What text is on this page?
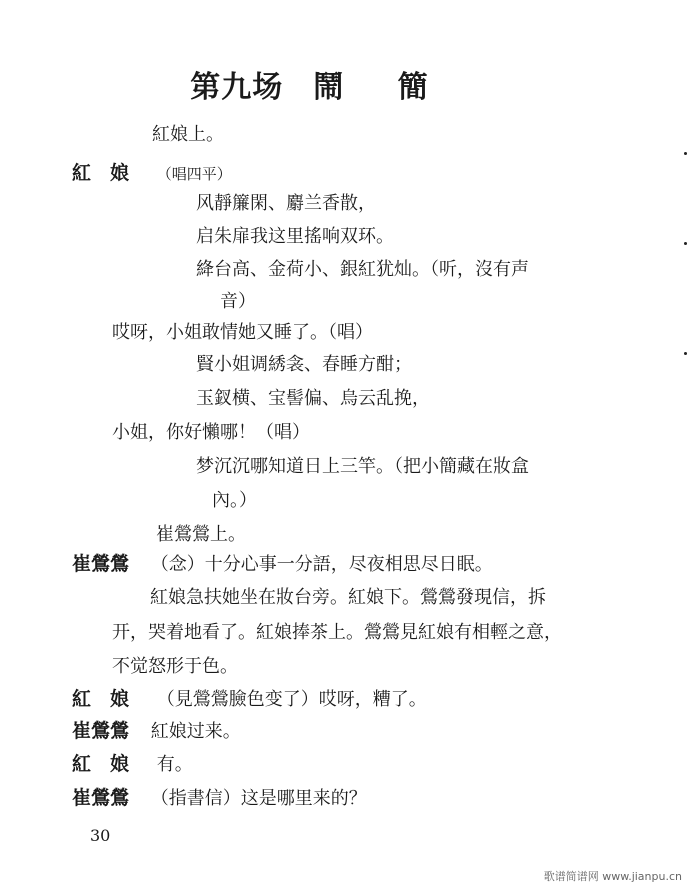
第九场 鬧 簡
紅娘上。
紅　娘 （唱四平）
风靜簾閑、麝兰香散，
启朱扉我这里搖响双环。
絳台高、金荷小、銀紅犹灿。（听，沒有声
音）
哎呀，小姐敢情她又睡了。（唱）
賢小姐调綉衾、春睡方酣；
玉釵横、宝髻偏、烏云乱挽，
小姐，你好懶哪！（唱）
梦沉沉哪知道日上三竿。（把小簡藏在妝盒
內。）
崔鶯鶯上。
崔鶯鶯 （念）十分心事一分語，尽夜相思尽日眠。
紅娘急扶她坐在妝台旁。紅娘下。鶯鶯發現信，拆
开，哭着地看了。紅娘捧茶上。鶯鶯見紅娘有相輕之意，
不觉怒形于色。
紅　娘 （見鶯鶯臉色变了）哎呀，糟了。
崔鶯鶯 紅娘过来。
紅　娘 有。
崔鶯鶯 （指書信）这是哪里来的？
30
歌谱简谱网 www.jianpu.cn
